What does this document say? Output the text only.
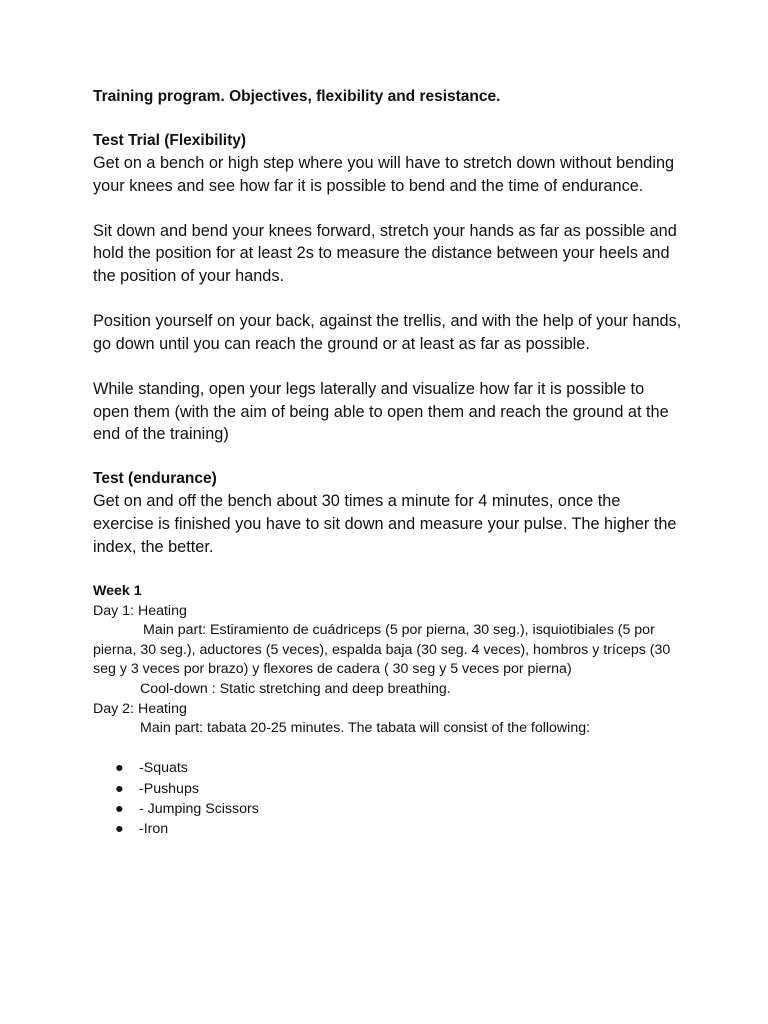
Training program. Objectives, flexibility and resistance.

Test Trial (Flexibility)

Get on a bench or high step where you will have to stretch down without bending your knees and see how far it is possible to bend and the time of endurance.

Sit down and bend your knees forward, stretch your hands as far as possible and hold the position for at least 2s to measure the distance between your heels and the position of your hands.

Position yourself on your back, against the trellis, and with the help of your hands, go down until you can reach the ground or at least as far as possible.

While standing, open your legs laterally and visualize how far it is possible to open them (with the aim of being able to open them and reach the ground at the end of the training)

Test (endurance)

Get on and off the bench about 30 times a minute for 4 minutes, once the exercise is finished you have to sit down and measure your pulse. The higher the index, the better.

Week 1

Day 1: Heating

Main part: Estiramiento de cuádriceps (5 por pierna, 30 seg.), isquiotibiales (5 por pierna, 30 seg.), aductores (5 veces), espalda baja (30 seg. 4 veces), hombros y tríceps (30 seg y 3 veces por brazo) y flexores de cadera ( 30 seg y 5 veces por pierna)

Cool-down : Static stretching and deep breathing.

Day 2: Heating

Main part: tabata 20-25 minutes. The tabata will consist of the following:

● -Squats
● -Pushups
● - Jumping Scissors
● -Iron
